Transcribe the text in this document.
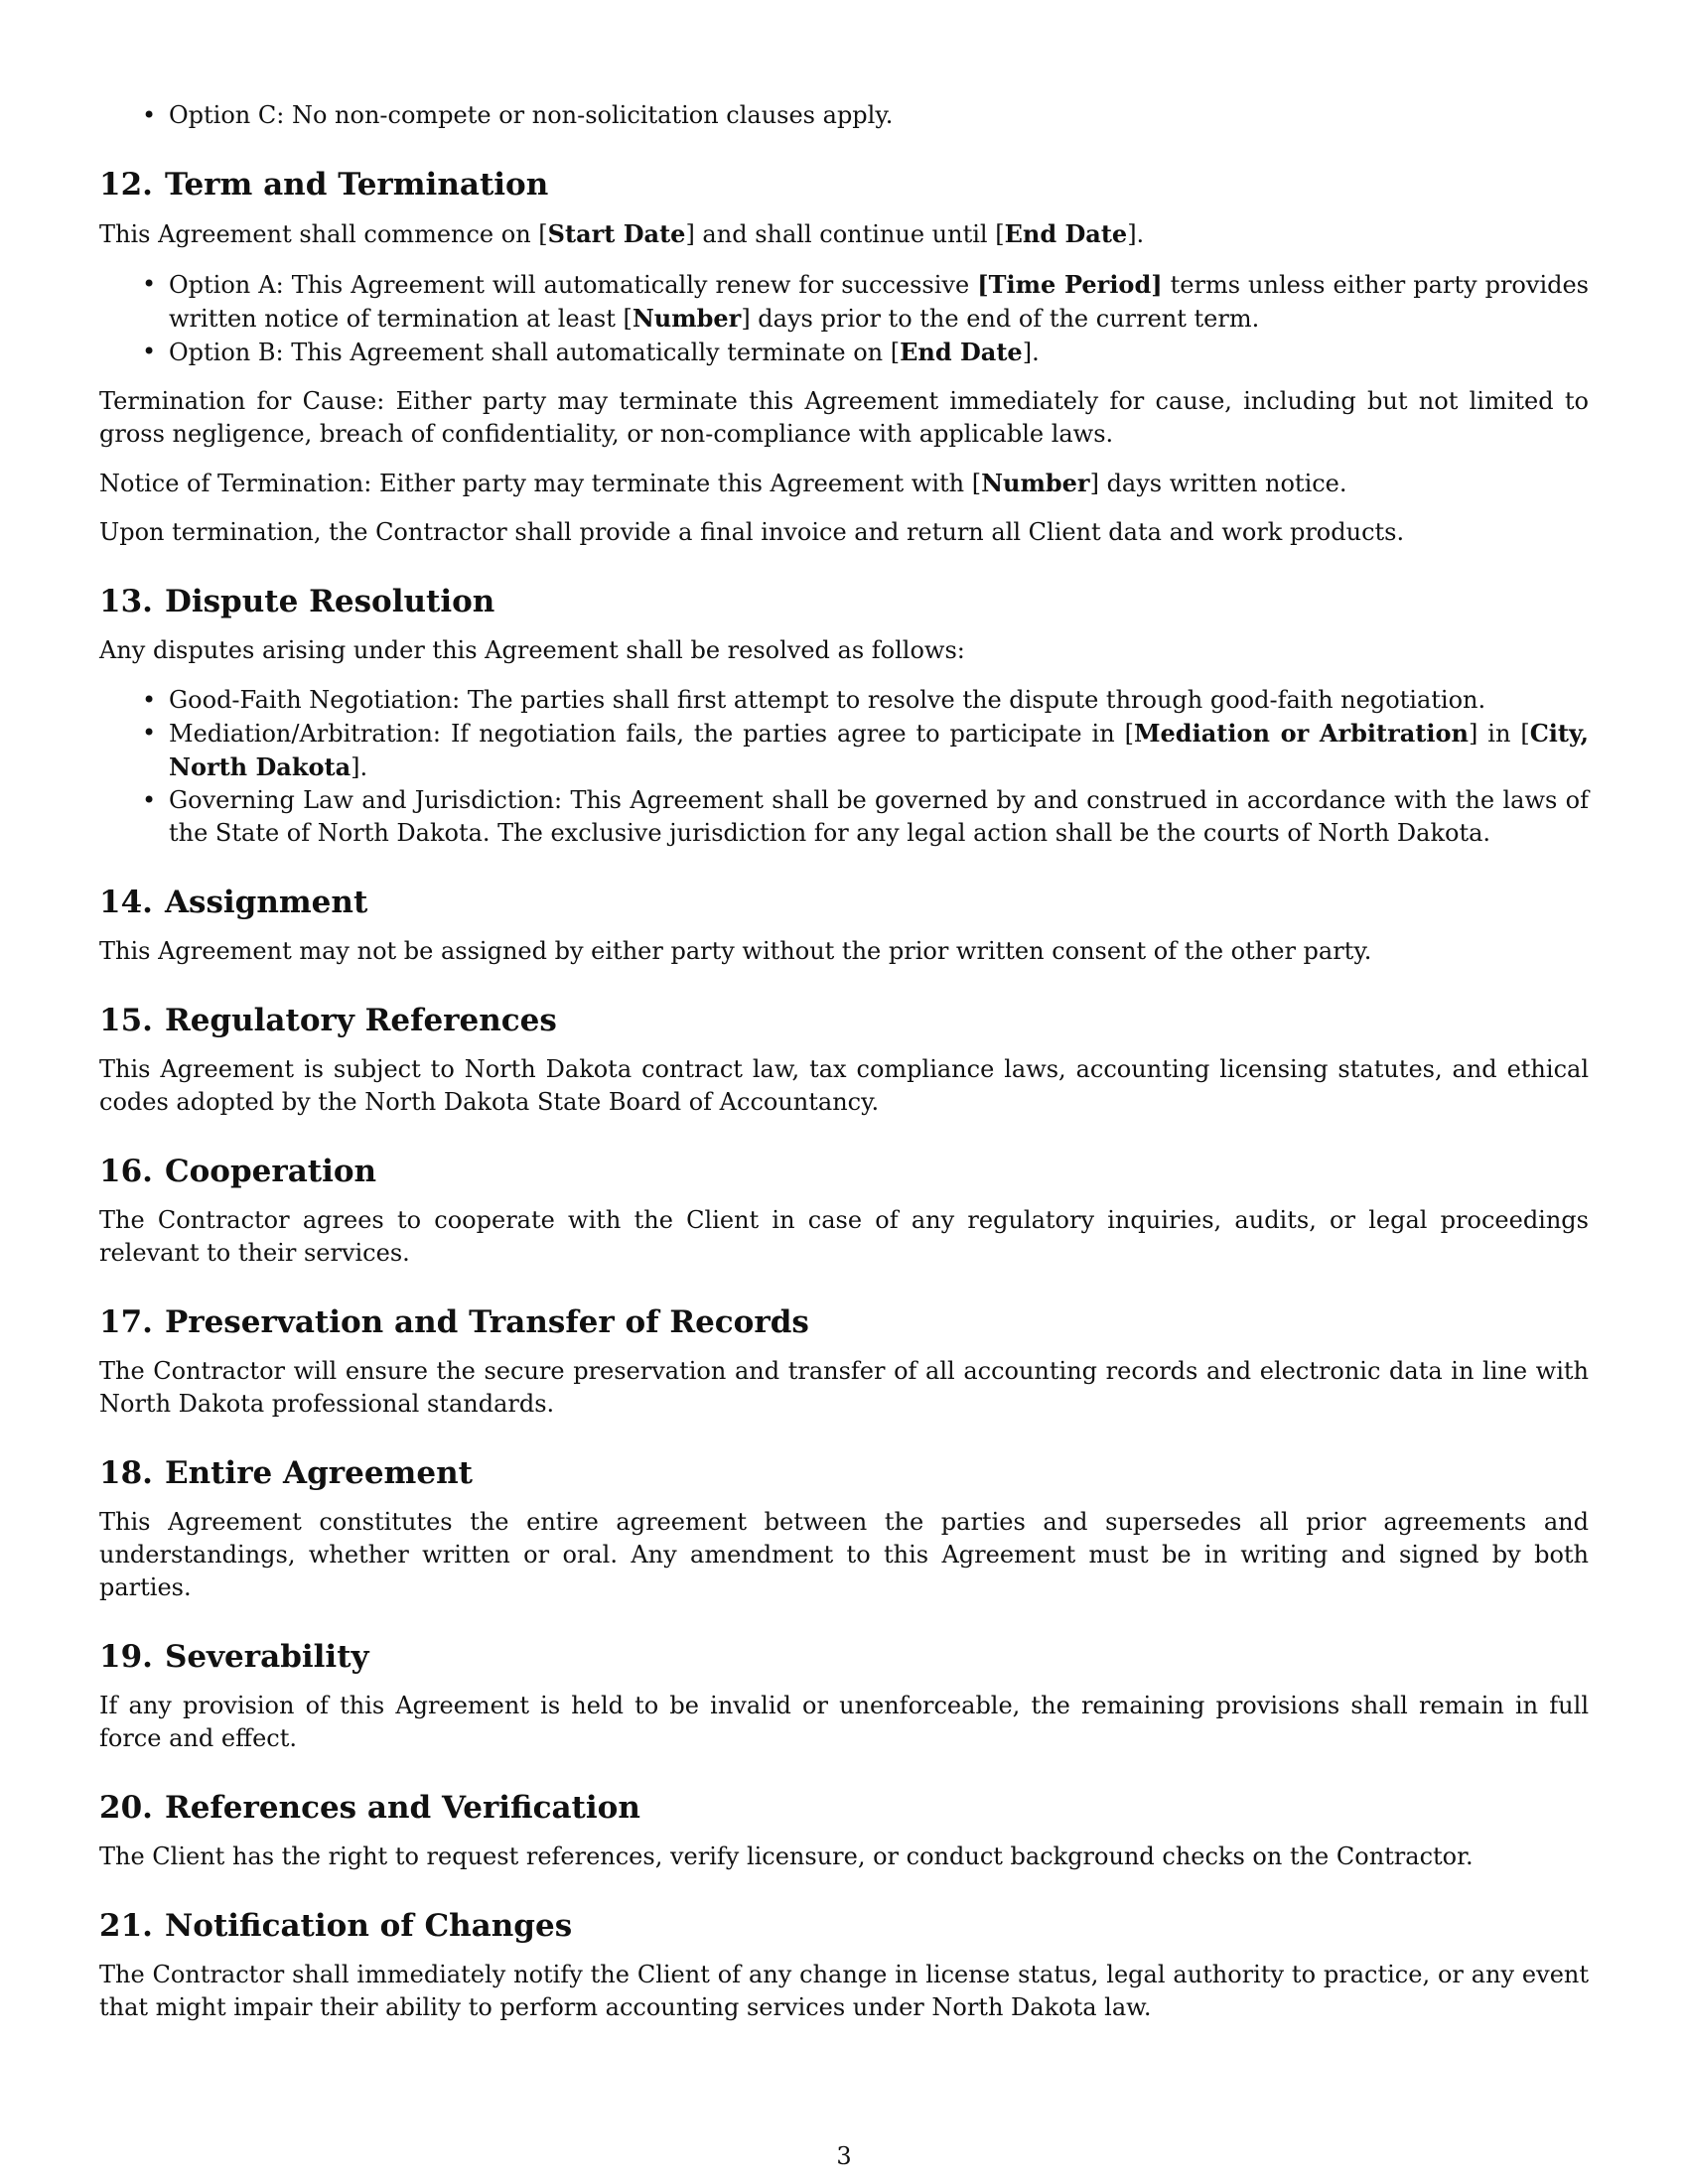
• Option C: No non-compete or non-solicitation clauses apply.
12. Term and Termination

This Agreement shall commence on [Start Date] and shall continue until [End Date].

• Option A: This Agreement will automatically renew for successive [Time Period] terms unless either party provides written notice of termination at least [Number] days prior to the end of the current term.
• Option B: This Agreement shall automatically terminate on [End Date].

Termination for Cause: Either party may terminate this Agreement immediately for cause, including but not limited to gross negligence, breach of confidentiality, or non-compliance with applicable laws.

Notice of Termination: Either party may terminate this Agreement with [Number] days written notice.

Upon termination, the Contractor shall provide a final invoice and return all Client data and work products.

13. Dispute Resolution

Any disputes arising under this Agreement shall be resolved as follows:

• Good-Faith Negotiation: The parties shall first attempt to resolve the dispute through good-faith negotiation.
• Mediation/Arbitration: If negotiation fails, the parties agree to participate in [Mediation or Arbitration] in [City, North Dakota].
• Governing Law and Jurisdiction: This Agreement shall be governed by and construed in accordance with the laws of the State of North Dakota. The exclusive jurisdiction for any legal action shall be the courts of North Dakota.
14. Assignment

This Agreement may not be assigned by either party without the prior written consent of the other party.

15. Regulatory References

This Agreement is subject to North Dakota contract law, tax compliance laws, accounting licensing statutes, and ethical codes adopted by the North Dakota State Board of Accountancy.

16. Cooperation

The Contractor agrees to cooperate with the Client in case of any regulatory inquiries, audits, or legal proceedings relevant to their services.

17. Preservation and Transfer of Records

The Contractor will ensure the secure preservation and transfer of all accounting records and electronic data in line with North Dakota professional standards.

18. Entire Agreement

This Agreement constitutes the entire agreement between the parties and supersedes all prior agreements and understandings, whether written or oral. Any amendment to this Agreement must be in writing and signed by both parties.

19. Severability

If any provision of this Agreement is held to be invalid or unenforceable, the remaining provisions shall remain in full force and effect.

20. References and Verification

The Client has the right to request references, verify licensure, or conduct background checks on the Contractor.

21. Notification of Changes

The Contractor shall immediately notify the Client of any change in license status, legal authority to practice, or any event that might impair their ability to perform accounting services under North Dakota law.

3
